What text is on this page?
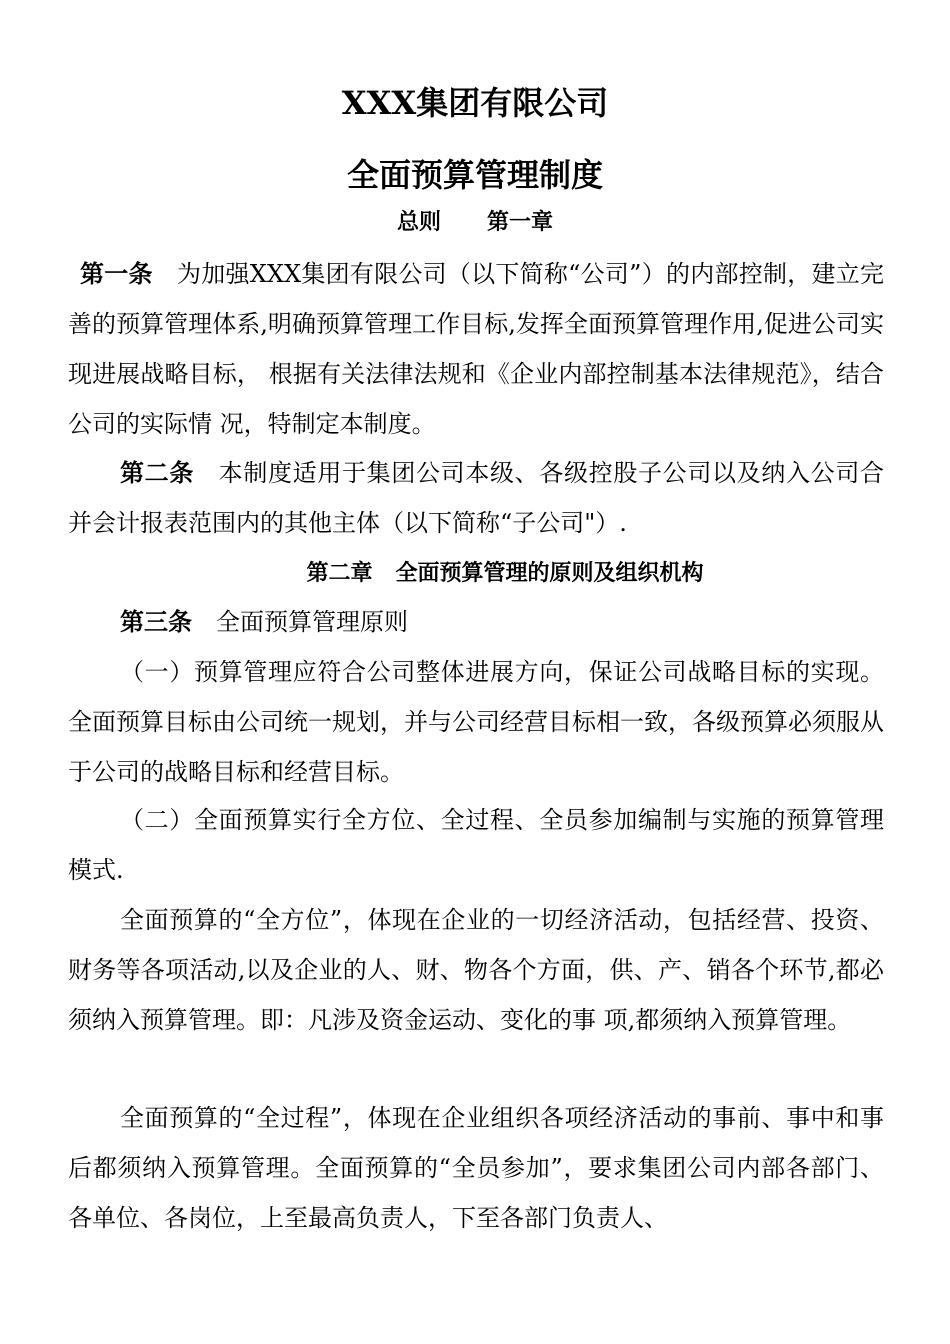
XXX集团有限公司
全面预算管理制度
总则      第一章

第一条 为加强XXX集团有限公司（以下简称“公司”）的内部控制，建立完善的预算管理体系,明确预算管理工作目标,发挥全面预算管理作用,促进公司实现进展战略目标， 根据有关法律法规和《企业内部控制基本法律规范》，结合公司的实际情 况，特制定本制度。

第二条 本制度适用于集团公司本级、各级控股子公司以及纳入公司合并会计报表范围内的其他主体（以下简称“子公司"）.

第二章   全面预算管理的原则及组织机构

第三条 全面预算管理原则

（一）预算管理应符合公司整体进展方向，保证公司战略目标的实现。全面预算目标由公司统一规划，并与公司经营目标相一致，各级预算必须服从于公司的战略目标和经营目标。

（二）全面预算实行全方位、全过程、全员参加编制与实施的预算管理模式.

全面预算的“全方位”，体现在企业的一切经济活动，包括经营、投资、财务等各项活动,以及企业的人、财、物各个方面，供、产、销各个环节,都必须纳入预算管理。即：凡涉及资金运动、变化的事 项,都须纳入预算管理。

全面预算的“全过程”，体现在企业组织各项经济活动的事前、事中和事后都须纳入预算管理。全面预算的“全员参加”，要求集团公司内部各部门、各单位、各岗位，上至最高负责人，下至各部门负责人、
